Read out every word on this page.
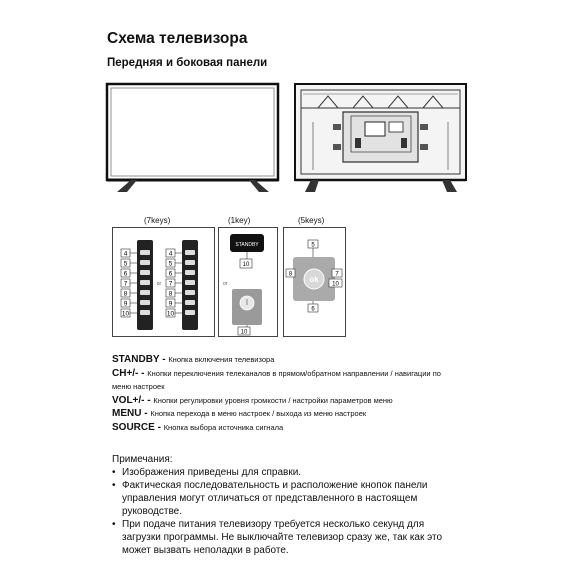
Схема телевизора
Передняя и боковая панели
(7keys)	(1key)	(5keys)
4
5
6
7
8
9
10
4
5
6
7
8
9
10
or
STANDBY
10
or
10
ok
5
8	7
10
6
STANDBY - Кнопка включения телевизора
CH+/- - Кнопки переключения телеканалов в прямом/обратном направлении / навигации по меню настроек
VOL+/- - Кнопки регулировки уровня громкости / настройки параметров меню
MENU - Кнопка перехода в меню настроек / выхода из меню настроек
SOURCE - Кнопка выбора источника сигнала
Примечания:
• Изображения приведены для справки.
• Фактическая последовательность и расположение кнопок панели управления могут отличаться от представленного в настоящем руководстве.
• При подаче питания телевизору требуется несколько секунд для загрузки программы. Не выключайте телевизор сразу же, так как это может вызвать неполадки в работе.
